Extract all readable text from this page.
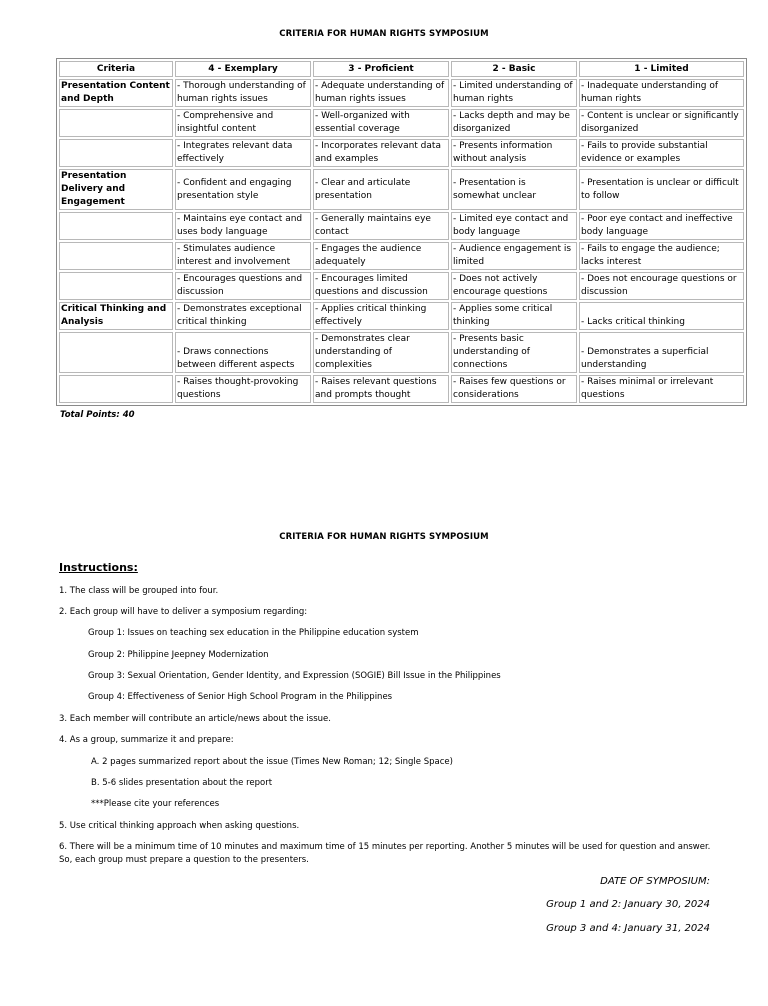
CRITERIA FOR HUMAN RIGHTS SYMPOSIUM
Criteria	4 - Exemplary	3 - Proficient	2 - Basic	1 - Limited
Presentation Content and Depth	- Thorough understanding of human rights issues	- Adequate understanding of human rights issues	- Limited understanding of human rights	- Inadequate understanding of human rights
	- Comprehensive and insightful content	- Well-organized with essential coverage	- Lacks depth and may be disorganized	- Content is unclear or significantly disorganized
	- Integrates relevant data effectively	- Incorporates relevant data and examples	- Presents information without analysis	- Fails to provide substantial evidence or examples
Presentation Delivery and Engagement	- Confident and engaging presentation style	- Clear and articulate presentation	- Presentation is somewhat unclear	- Presentation is unclear or difficult to follow
	- Maintains eye contact and uses body language	- Generally maintains eye contact	- Limited eye contact and body language	- Poor eye contact and ineffective body language
	- Stimulates audience interest and involvement	- Engages the audience adequately	- Audience engagement is limited	- Fails to engage the audience; lacks interest
	- Encourages questions and discussion	- Encourages limited questions and discussion	- Does not actively encourage questions	- Does not encourage questions or discussion
Critical Thinking and Analysis	- Demonstrates exceptional critical thinking	- Applies critical thinking effectively	- Applies some critical thinking	- Lacks critical thinking
	- Draws connections between different aspects	- Demonstrates clear understanding of complexities	- Presents basic understanding of connections	- Demonstrates a superficial understanding
	- Raises thought-provoking questions	- Raises relevant questions and prompts thought	- Raises few questions or considerations	- Raises minimal or irrelevant questions
Total Points: 40
CRITERIA FOR HUMAN RIGHTS SYMPOSIUM
Instructions:
1. The class will be grouped into four.
2. Each group will have to deliver a symposium regarding:
Group 1: Issues on teaching sex education in the Philippine education system
Group 2: Philippine Jeepney Modernization
Group 3: Sexual Orientation, Gender Identity, and Expression (SOGIE) Bill Issue in the Philippines
Group 4: Effectiveness of Senior High School Program in the Philippines
3. Each member will contribute an article/news about the issue.
4. As a group, summarize it and prepare:
A. 2 pages summarized report about the issue (Times New Roman; 12; Single Space)
B. 5-6 slides presentation about the report
***Please cite your references
5. Use critical thinking approach when asking questions.
6. There will be a minimum time of 10 minutes and maximum time of 15 minutes per reporting. Another 5 minutes will be used for question and answer. So, each group must prepare a question to the presenters.
DATE OF SYMPOSIUM:
Group 1 and 2: January 30, 2024
Group 3 and 4: January 31, 2024
